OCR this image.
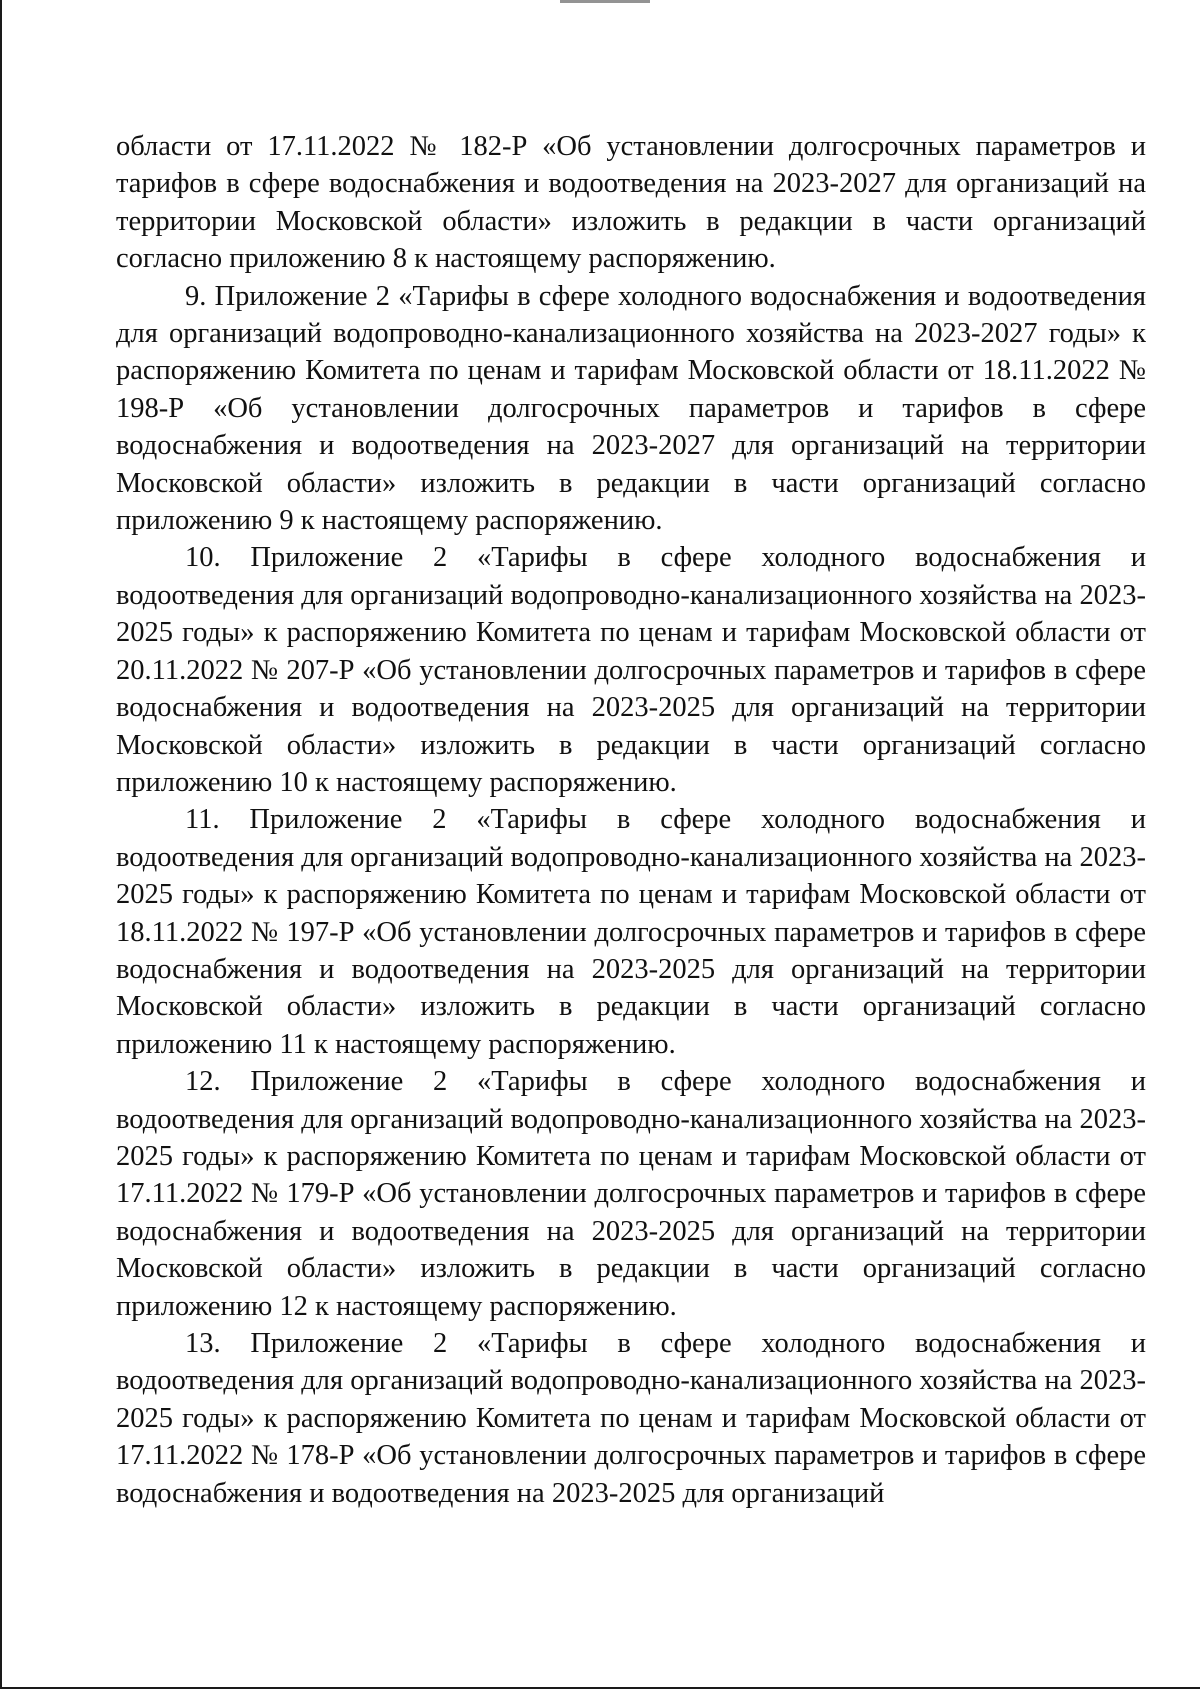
области от 17.11.2022 № 182-Р «Об установлении долгосрочных параметров и тарифов в сфере водоснабжения и водоотведения на 2023-2027 для организаций на территории Московской области» изложить в редакции в части организаций согласно приложению 8 к настоящему распоряжению.

9. Приложение 2 «Тарифы в сфере холодного водоснабжения и водоотведения для организаций водопроводно-канализационного хозяйства на 2023-2027 годы» к распоряжению Комитета по ценам и тарифам Московской области от 18.11.2022 № 198-Р «Об установлении долгосрочных параметров и тарифов в сфере водоснабжения и водоотведения на 2023-2027 для организаций на территории Московской области» изложить в редакции в части организаций согласно приложению 9 к настоящему распоряжению.

10. Приложение 2 «Тарифы в сфере холодного водоснабжения и водоотведения для организаций водопроводно-канализационного хозяйства на 2023-2025 годы» к распоряжению Комитета по ценам и тарифам Московской области от 20.11.2022 № 207-Р «Об установлении долгосрочных параметров и тарифов в сфере водоснабжения и водоотведения на 2023-2025 для организаций на территории Московской области» изложить в редакции в части организаций согласно приложению 10 к настоящему распоряжению.

11. Приложение 2 «Тарифы в сфере холодного водоснабжения и водоотведения для организаций водопроводно-канализационного хозяйства на 2023-2025 годы» к распоряжению Комитета по ценам и тарифам Московской области от 18.11.2022 № 197-Р «Об установлении долгосрочных параметров и тарифов в сфере водоснабжения и водоотведения на 2023-2025 для организаций на территории Московской области» изложить в редакции в части организаций согласно приложению 11 к настоящему распоряжению.

12. Приложение 2 «Тарифы в сфере холодного водоснабжения и водоотведения для организаций водопроводно-канализационного хозяйства на 2023-2025 годы» к распоряжению Комитета по ценам и тарифам Московской области от 17.11.2022 № 179-Р «Об установлении долгосрочных параметров и тарифов в сфере водоснабжения и водоотведения на 2023-2025 для организаций на территории Московской области» изложить в редакции в части организаций согласно приложению 12 к настоящему распоряжению.

13. Приложение 2 «Тарифы в сфере холодного водоснабжения и водоотведения для организаций водопроводно-канализационного хозяйства на 2023-2025 годы» к распоряжению Комитета по ценам и тарифам Московской области от 17.11.2022 № 178-Р «Об установлении долгосрочных параметров и тарифов в сфере водоснабжения и водоотведения на 2023-2025 для организаций
